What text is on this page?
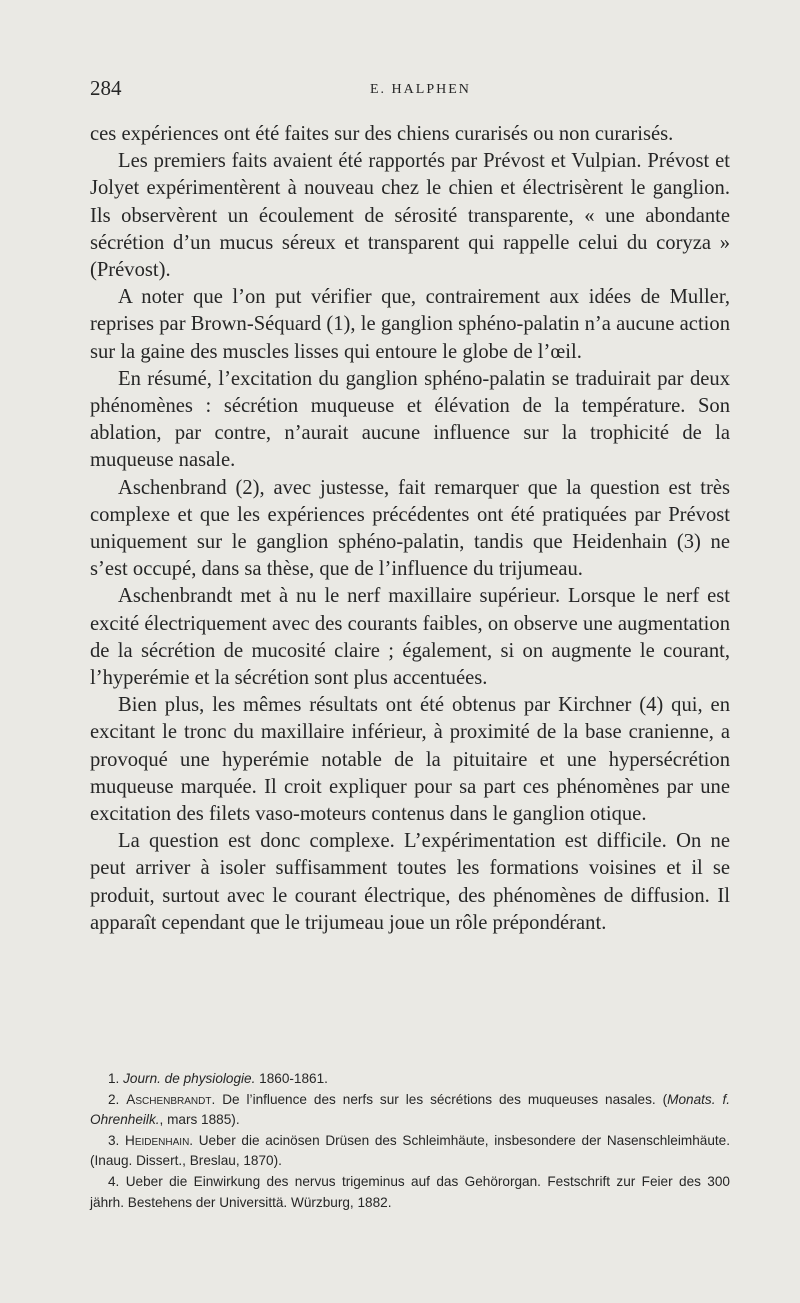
284	E. HALPHEN

ces expériences ont été faites sur des chiens curarisés ou non curarisés.

Les premiers faits avaient été rapportés par Prévost et Vulpian. Prévost et Jolyet expérimentèrent à nouveau chez le chien et électrisèrent le ganglion. Ils observèrent un écoulement de sérosité transparente, « une abondante sécrétion d’un mucus séreux et transparent qui rappelle celui du coryza » (Prévost).

A noter que l’on put vérifier que, contrairement aux idées de Muller, reprises par Brown-Séquard (1), le ganglion sphéno-palatin n’a aucune action sur la gaine des muscles lisses qui entoure le globe de l’œil.

En résumé, l’excitation du ganglion sphéno-palatin se traduirait par deux phénomènes : sécrétion muqueuse et élévation de la température. Son ablation, par contre, n’aurait aucune influence sur la trophicité de la muqueuse nasale.

Aschenbrand (2), avec justesse, fait remarquer que la question est très complexe et que les expériences précédentes ont été pratiquées par Prévost uniquement sur le ganglion sphéno-palatin, tandis que Heidenhain (3) ne s’est occupé, dans sa thèse, que de l’influence du trijumeau.

Aschenbrandt met à nu le nerf maxillaire supérieur. Lorsque le nerf est excité électriquement avec des courants faibles, on observe une augmentation de la sécrétion de mucosité claire ; également, si on augmente le courant, l’hyperémie et la sécrétion sont plus accentuées.

Bien plus, les mêmes résultats ont été obtenus par Kirchner (4) qui, en excitant le tronc du maxillaire inférieur, à proximité de la base cranienne, a provoqué une hyperémie notable de la pituitaire et une hypersécrétion muqueuse marquée. Il croit expliquer pour sa part ces phénomènes par une excitation des filets vaso-moteurs contenus dans le ganglion otique.

La question est donc complexe. L’expérimentation est difficile. On ne peut arriver à isoler suffisamment toutes les formations voisines et il se produit, surtout avec le courant électrique, des phénomènes de diffusion. Il apparaît cependant que le trijumeau joue un rôle prépondérant.

1. Journ. de physiologie. 1860-1861.

2. Aschenbrandt. De l’influence des nerfs sur les sécrétions des muqueuses nasales. (Monats. f. Ohrenheilk., mars 1885).

3. Heidenhain. Ueber die acinösen Drüsen des Schleimhäute, insbesondere der Nasenschleimhäute. (Inaug. Dissert., Breslau, 1870).

4. Ueber die Einwirkung des nervus trigeminus auf das Gehörorgan. Festschrift zur Feier des 300 jährh. Bestehens der Universittä. Würzburg, 1882.
